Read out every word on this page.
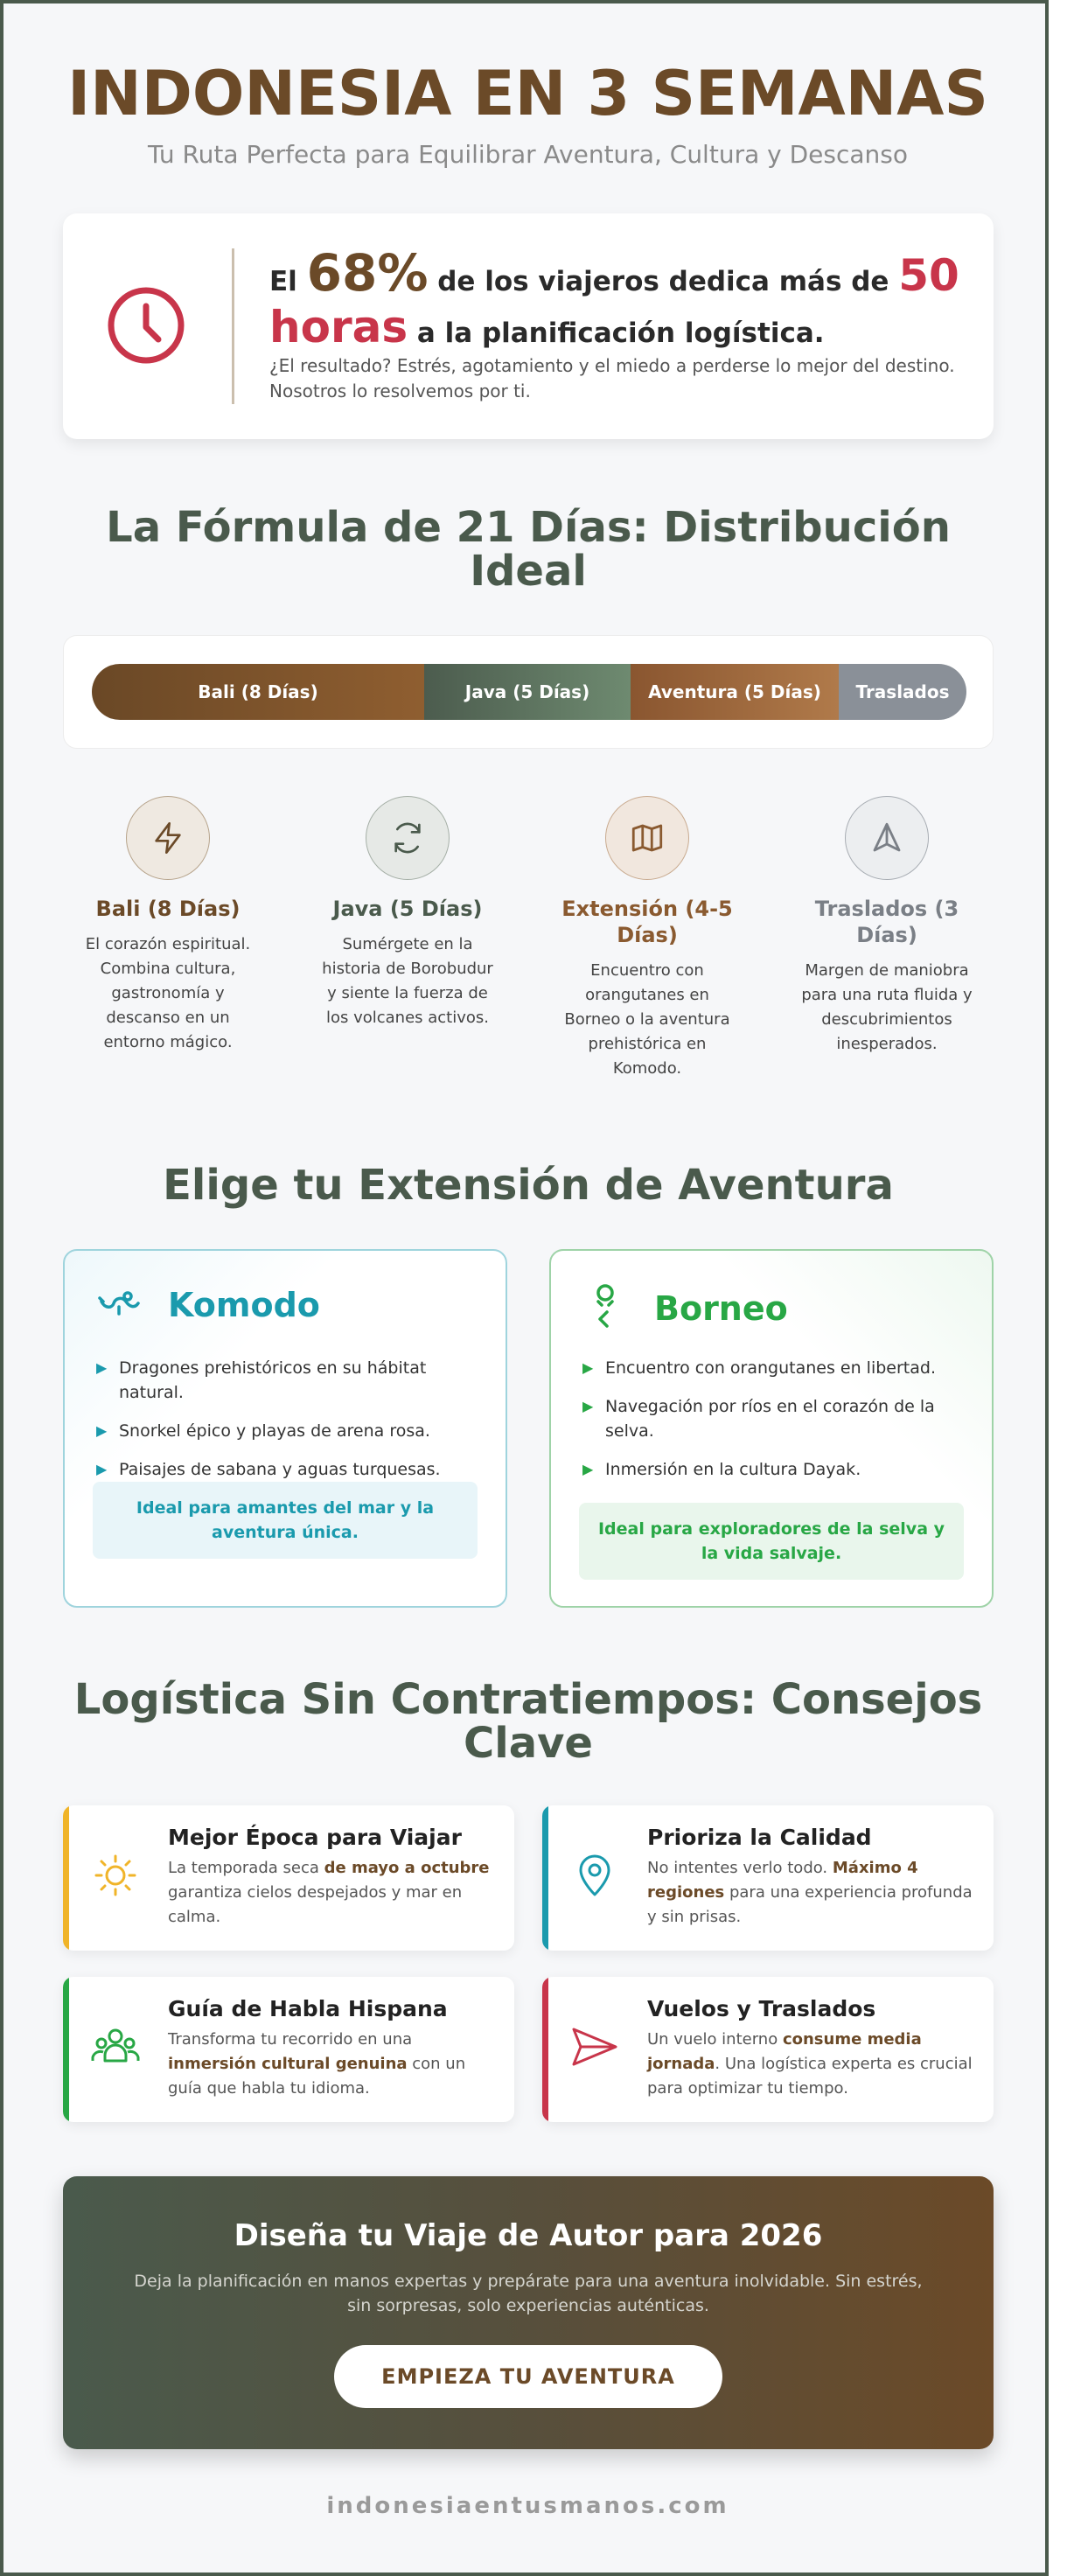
INDONESIA EN 3 SEMANAS

Tu Ruta Perfecta para Equilibrar Aventura, Cultura y Descanso

El 68% de los viajeros dedica más de 50
horas a la planificación logística.

¿El resultado? Estrés, agotamiento y el miedo a perderse lo mejor del destino. Nosotros lo resolvemos por ti.

La Fórmula de 21 Días: Distribución Ideal
Bali (8 Días)	Java (5 Días)	Aventura (5 Días)	Traslados
Bali (8 Días)
El corazón espiritual. Combina cultura, gastronomía y descanso en un entorno mágico.
Java (5 Días)
Sumérgete en la historia de Borobudur y siente la fuerza de los volcanes activos.
Extensión (4-5 Días)
Encuentro con orangutanes en Borneo o la aventura prehistórica en Komodo.
Traslados (3 Días)
Margen de maniobra para una ruta fluida y descubrimientos inesperados.
Elige tu Extensión de Aventura
Komodo
▶ Dragones prehistóricos en su hábitat natural.
▶ Snorkel épico y playas de arena rosa.
▶ Paisajes de sabana y aguas turquesas.
Ideal para amantes del mar y la aventura única.
Borneo
▶ Encuentro con orangutanes en libertad.
▶ Navegación por ríos en el corazón de la selva.
▶ Inmersión en la cultura Dayak.
Ideal para exploradores de la selva y la vida salvaje.
Logística Sin Contratiempos: Consejos Clave
Mejor Época para Viajar
La temporada seca de mayo a octubre garantiza cielos despejados y mar en calma.
Prioriza la Calidad
No intentes verlo todo. Máximo 4 regiones para una experiencia profunda y sin prisas.
Guía de Habla Hispana
Transforma tu recorrido en una inmersión cultural genuina con un guía que habla tu idioma.
Vuelos y Traslados
Un vuelo interno consume media jornada. Una logística experta es crucial para optimizar tu tiempo.
Diseña tu Viaje de Autor para 2026

Deja la planificación en manos expertas y prepárate para una aventura inolvidable. Sin estrés, sin sorpresas, solo experiencias auténticas.

EMPIEZA TU AVENTURA
indonesiaentusmanos.com
